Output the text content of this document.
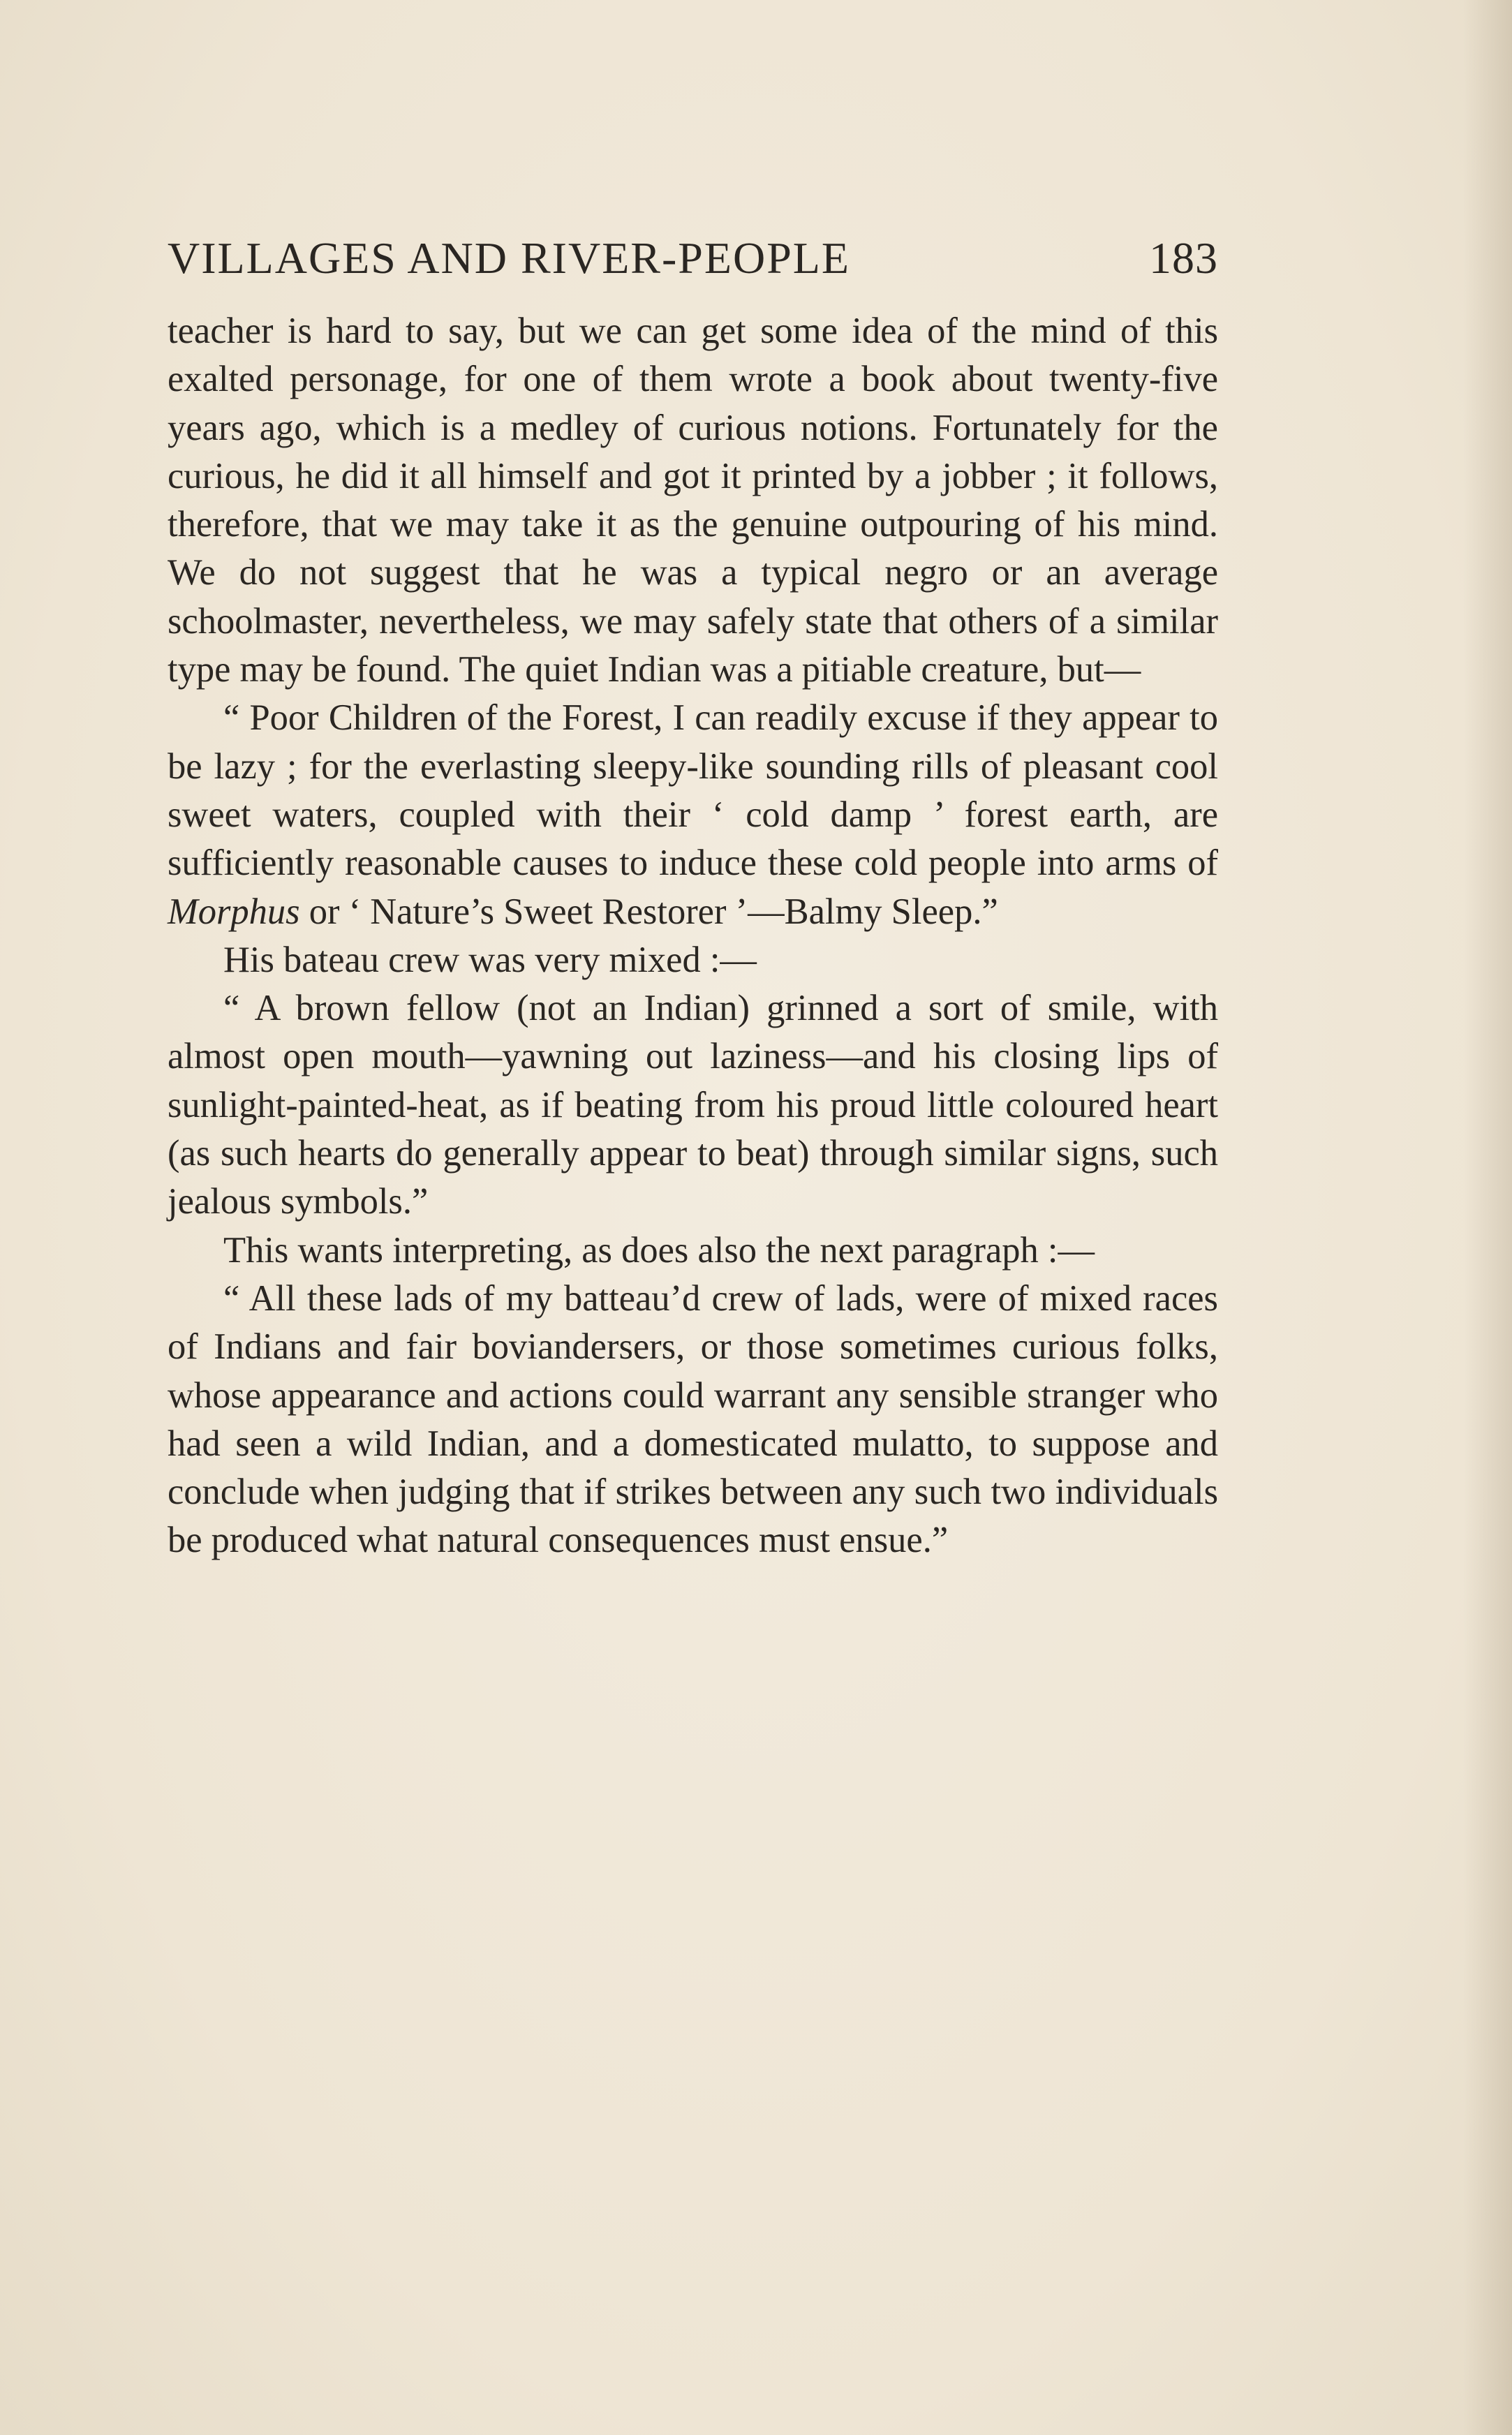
VILLAGES AND RIVER-PEOPLE	183

teacher is hard to say, but we can get some idea of the mind of this exalted personage, for one of them wrote a book about twenty-five years ago, which is a medley of curious notions. Fortunately for the curious, he did it all himself and got it printed by a jobber ; it follows, therefore, that we may take it as the genuine outpouring of his mind. We do not suggest that he was a typical negro or an average schoolmaster, nevertheless, we may safely state that others of a similar type may be found. The quiet Indian was a pitiable creature, but—

“ Poor Children of the Forest, I can readily excuse if they appear to be lazy ; for the everlasting sleepy-like sounding rills of pleasant cool sweet waters, coupled with their ‘ cold damp ’ forest earth, are sufficiently reasonable causes to induce these cold people into arms of Morphus or ‘ Nature’s Sweet Restorer ’—Balmy Sleep.”

His bateau crew was very mixed :—

“ A brown fellow (not an Indian) grinned a sort of smile, with almost open mouth—yawning out laziness—and his closing lips of sunlight-painted-heat, as if beating from his proud little coloured heart (as such hearts do generally appear to beat) through similar signs, such jealous symbols.”

This wants interpreting, as does also the next paragraph :—

“ All these lads of my batteau’d crew of lads, were of mixed races of Indians and fair boviandersers, or those sometimes curious folks, whose appearance and actions could warrant any sensible stranger who had seen a wild Indian, and a domesticated mulatto, to suppose and conclude when judging that if strikes between any such two individuals be produced what natural consequences must ensue.”
